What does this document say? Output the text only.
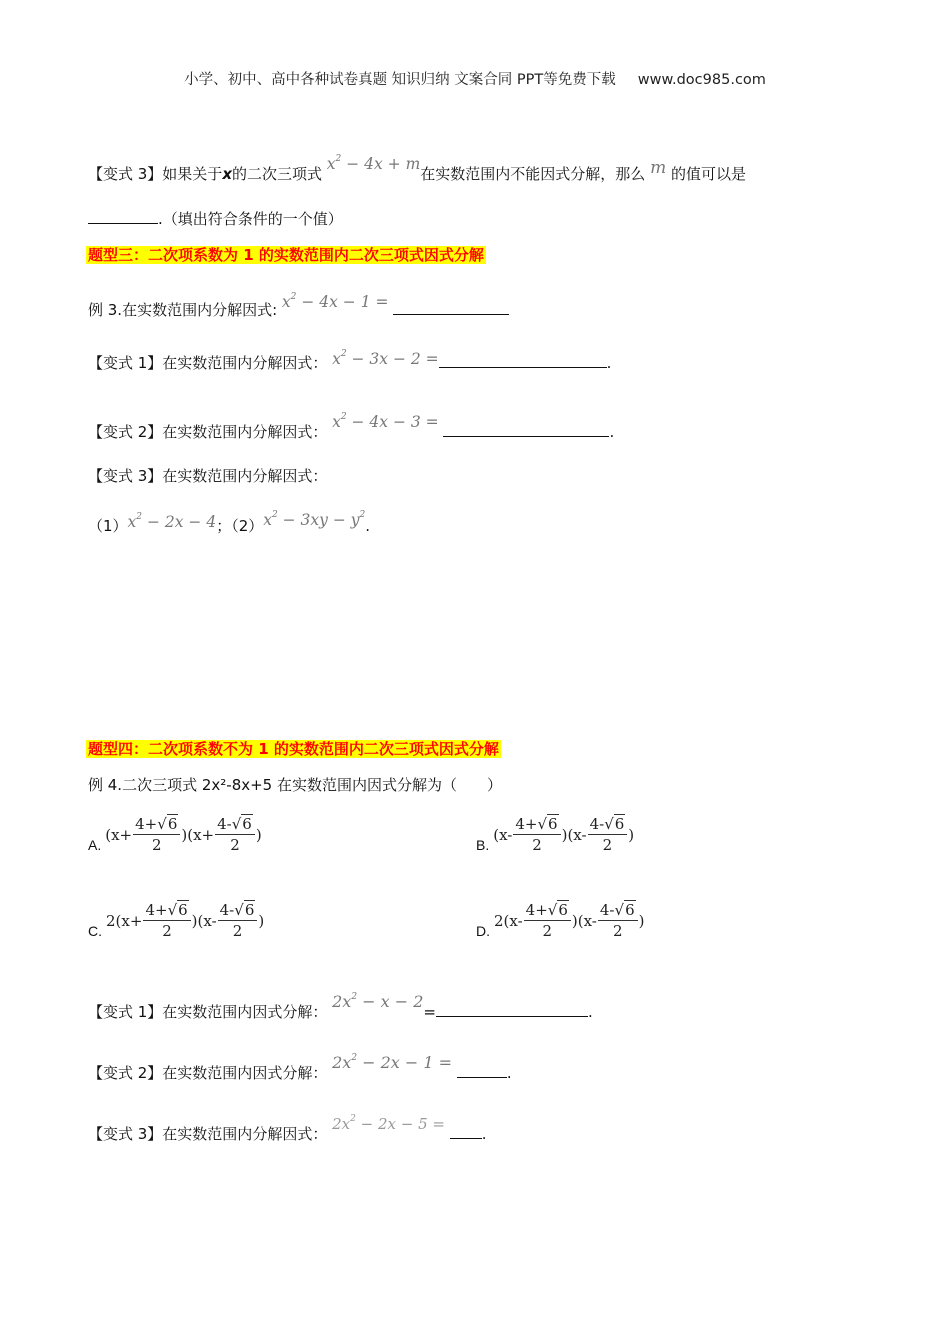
小学、初中、高中各种试卷真题 知识归纳 文案合同 PPT等免费下载 www.doc985.com
【变式 3】如果关于x的二次三项式 $x^2 - 4x + m$在实数范围内不能因式分解，那么 m 的值可以是
.（填出符合条件的一个值）
题型三：二次项系数为 1 的实数范围内二次三项式因式分解
例 3.在实数范围内分解因式: $x^2 - 4x - 1$ =
【变式 1】在实数范围内分解因式： $x^2 - 3x - 2$ =	.
【变式 2】在实数范围内分解因式： $x^2 - 4x - 3$ = .
【变式 3】在实数范围内分解因式：
$(1)x^2 - 2x - 4$；$(2)x^2 - 3xy - y^2$.
题型四：二次项系数不为 1 的实数范围内二次三项式因式分解
例 4.二次三项式 2x²-8x+5 在实数范围内因式分解为（　　）
A.
$(x+ \frac{4+√6}{2} )(x+ \frac{4-√6}{2}$ )
B.
$(x- \frac{4+√6}{2} )(x- \frac{4-√6}{2}$ )
C.
$2(x+ \frac{4+√6}{2} )(x- \frac{4-√6}{2}$ )
D.
$2(x- \frac{4+√6}{2} )(x- \frac{4-√6}{2}$ )
【变式 1】在实数范围内因式分解： $2x^2 - x - 2=$	.
【变式 2】在实数范围内因式分解： $2x^2 - 2x - 1$ = .
【变式 3】在实数范围内分解因式： $2x^2 - 2x - 5$ = .
